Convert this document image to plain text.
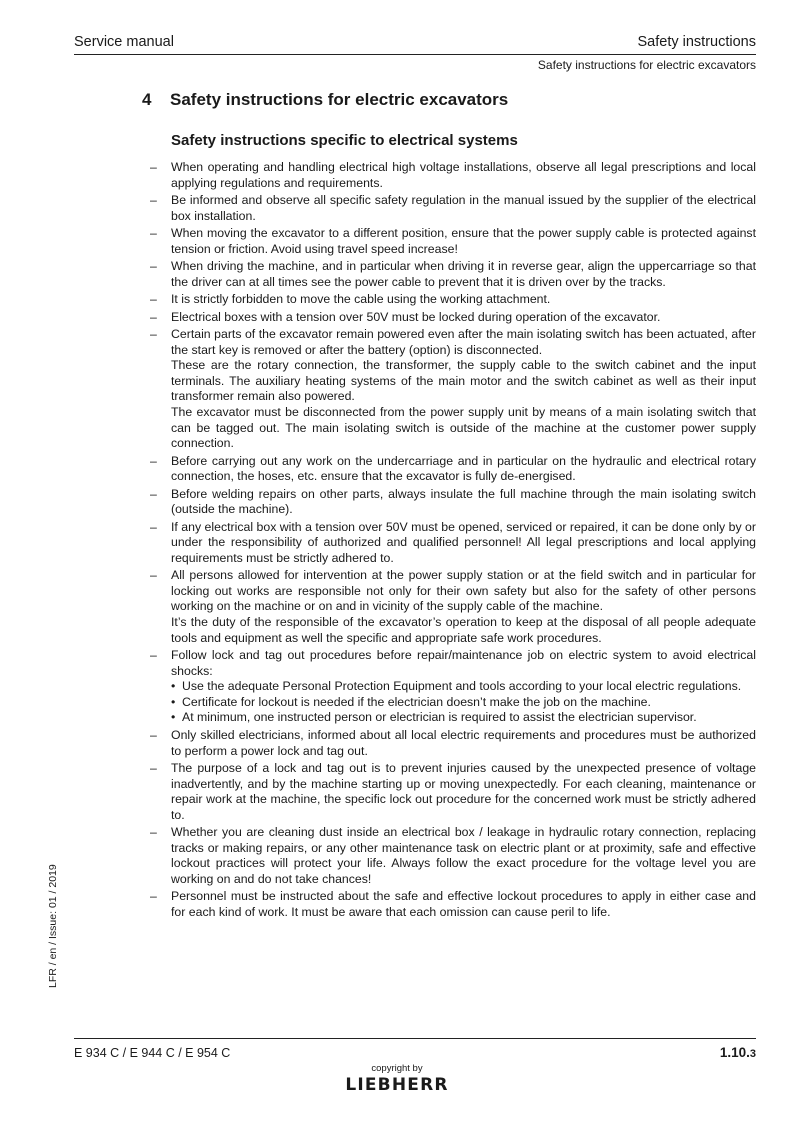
Service manual	Safety instructions
Safety instructions for electric excavators
4 Safety instructions for electric excavators
Safety instructions specific to electrical systems

– When operating and handling electrical high voltage installations, observe all legal prescriptions and local applying regulations and requirements.

– Be informed and observe all specific safety regulation in the manual issued by the supplier of the electrical box installation.

– When moving the excavator to a different position, ensure that the power supply cable is protected against tension or friction. Avoid using travel speed increase!

– When driving the machine, and in particular when driving it in reverse gear, align the uppercarriage so that the driver can at all times see the power cable to prevent that it is driven over by the tracks.

– It is strictly forbidden to move the cable using the working attachment.

– Electrical boxes with a tension over 50V must be locked during operation of the excavator.

– Certain parts of the excavator remain powered even after the main isolating switch has been actuated, after the start key is removed or after the battery (option) is disconnected.

These are the rotary connection, the transformer, the supply cable to the switch cabinet and the input terminals. The auxiliary heating systems of the main motor and the switch cabinet as well as their input transformer remain also powered.

The excavator must be disconnected from the power supply unit by means of a main isolating switch that can be tagged out. The main isolating switch is outside of the machine at the customer power supply connection.

– Before carrying out any work on the undercarriage and in particular on the hydraulic and electrical rotary connection, the hoses, etc. ensure that the excavator is fully de-energised.

– Before welding repairs on other parts, always insulate the full machine through the main isolating switch (outside the machine).

– If any electrical box with a tension over 50V must be opened, serviced or repaired, it can be done only by or under the responsibility of authorized and qualified personnel! All legal prescriptions and local applying requirements must be strictly adhered to.

– All persons allowed for intervention at the power supply station or at the field switch and in particular for locking out works are responsible not only for their own safety but also for the safety of other persons working on the machine or on and in vicinity of the supply cable of the machine.

It’s the duty of the responsible of the excavator’s operation to keep at the disposal of all people adequate tools and equipment as well the specific and appropriate safe work procedures.

– Follow lock and tag out procedures before repair/maintenance job on electric system to avoid electrical shocks:

• Use the adequate Personal Protection Equipment and tools according to your local electric regulations.
• Certificate for lockout is needed if the electrician doesn’t make the job on the machine.
• At minimum, one instructed person or electrician is required to assist the electrician supervisor.

– Only skilled electricians, informed about all local electric requirements and procedures must be authorized to perform a power lock and tag out.

– The purpose of a lock and tag out is to prevent injuries caused by the unexpected presence of voltage inadvertently, and by the machine starting up or moving unexpectedly. For each cleaning, maintenance or repair work at the machine, the specific lock out procedure for the concerned work must be strictly adhered to.

– Whether you are cleaning dust inside an electrical box / leakage in hydraulic rotary connection, replacing tracks or making repairs, or any other maintenance task on electric plant or at proximity, safe and effective lockout practices will protect your life. Always follow the exact procedure for the voltage level you are working on and do not take chances!

– Personnel must be instructed about the safe and effective lockout procedures to apply in either case and for each kind of work. It must be aware that each omission can cause peril to life.

LFR / en / Issue: 01 / 2019
E 934 C / E 944 C / E 954 C	1.10.3
copyright by
LIEBHERR
